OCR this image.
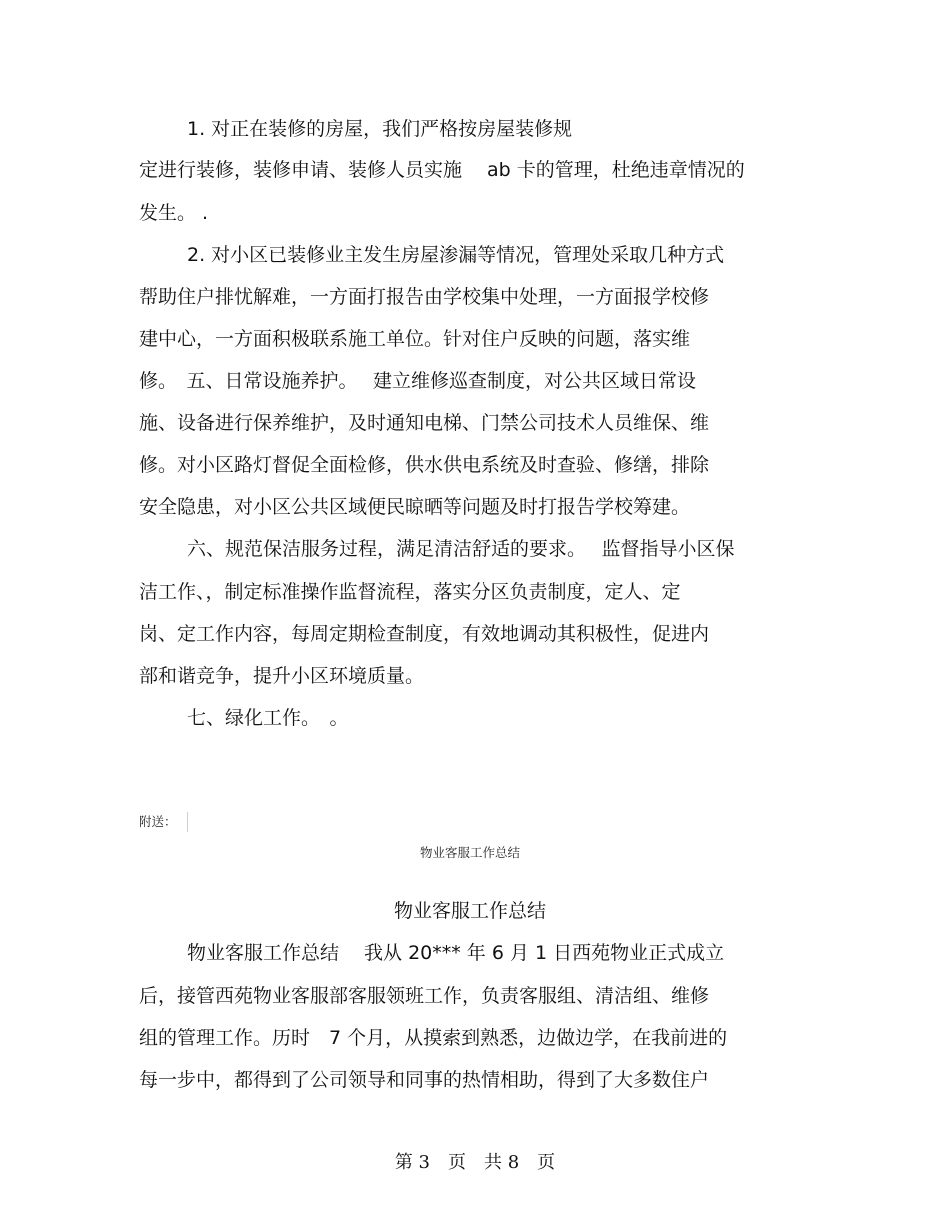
1. 对正在装修的房屋，我们严格按房屋装修规
定进行装修，装修申请、装修人员实施　 ab 卡的管理，杜绝违章情况的
发生。 .
2. 对小区已装修业主发生房屋渗漏等情况，管理处采取几种方式
帮助住户排忧解难，一方面打报告由学校集中处理，一方面报学校修
建中心，一方面积极联系施工单位。针对住户反映的问题，落实维
修。　五、日常设施养护。　 建立维修巡查制度，对公共区域日常设
施、设备进行保养维护，及时通知电梯、门禁公司技术人员维保、维
修。对小区路灯督促全面检修，供水供电系统及时查验、修缮，排除
安全隐患，对小区公共区域便民晾晒等问题及时打报告学校筹建。
六、规范保洁服务过程，满足清洁舒适的要求。　 监督指导小区保
洁工作、，制定标准操作监督流程，落实分区负责制度，定人、定
岗、定工作内容，每周定期检查制度，有效地调动其积极性，促进内
部和谐竞争，提升小区环境质量。
七、绿化工作。　。
附送：
物业客服工作总结
物业客服工作总结
物业客服工作总结　 我从 20*** 年 6 月 1 日西苑物业正式成立
后，接管西苑物业客服部客服领班工作，负责客服组、清洁组、维修
组的管理工作。历时　7 个月，从摸索到熟悉，边做边学，在我前进的
每一步中，都得到了公司领导和同事的热情相助，得到了大多数住户
第 3　页　共 8　页
